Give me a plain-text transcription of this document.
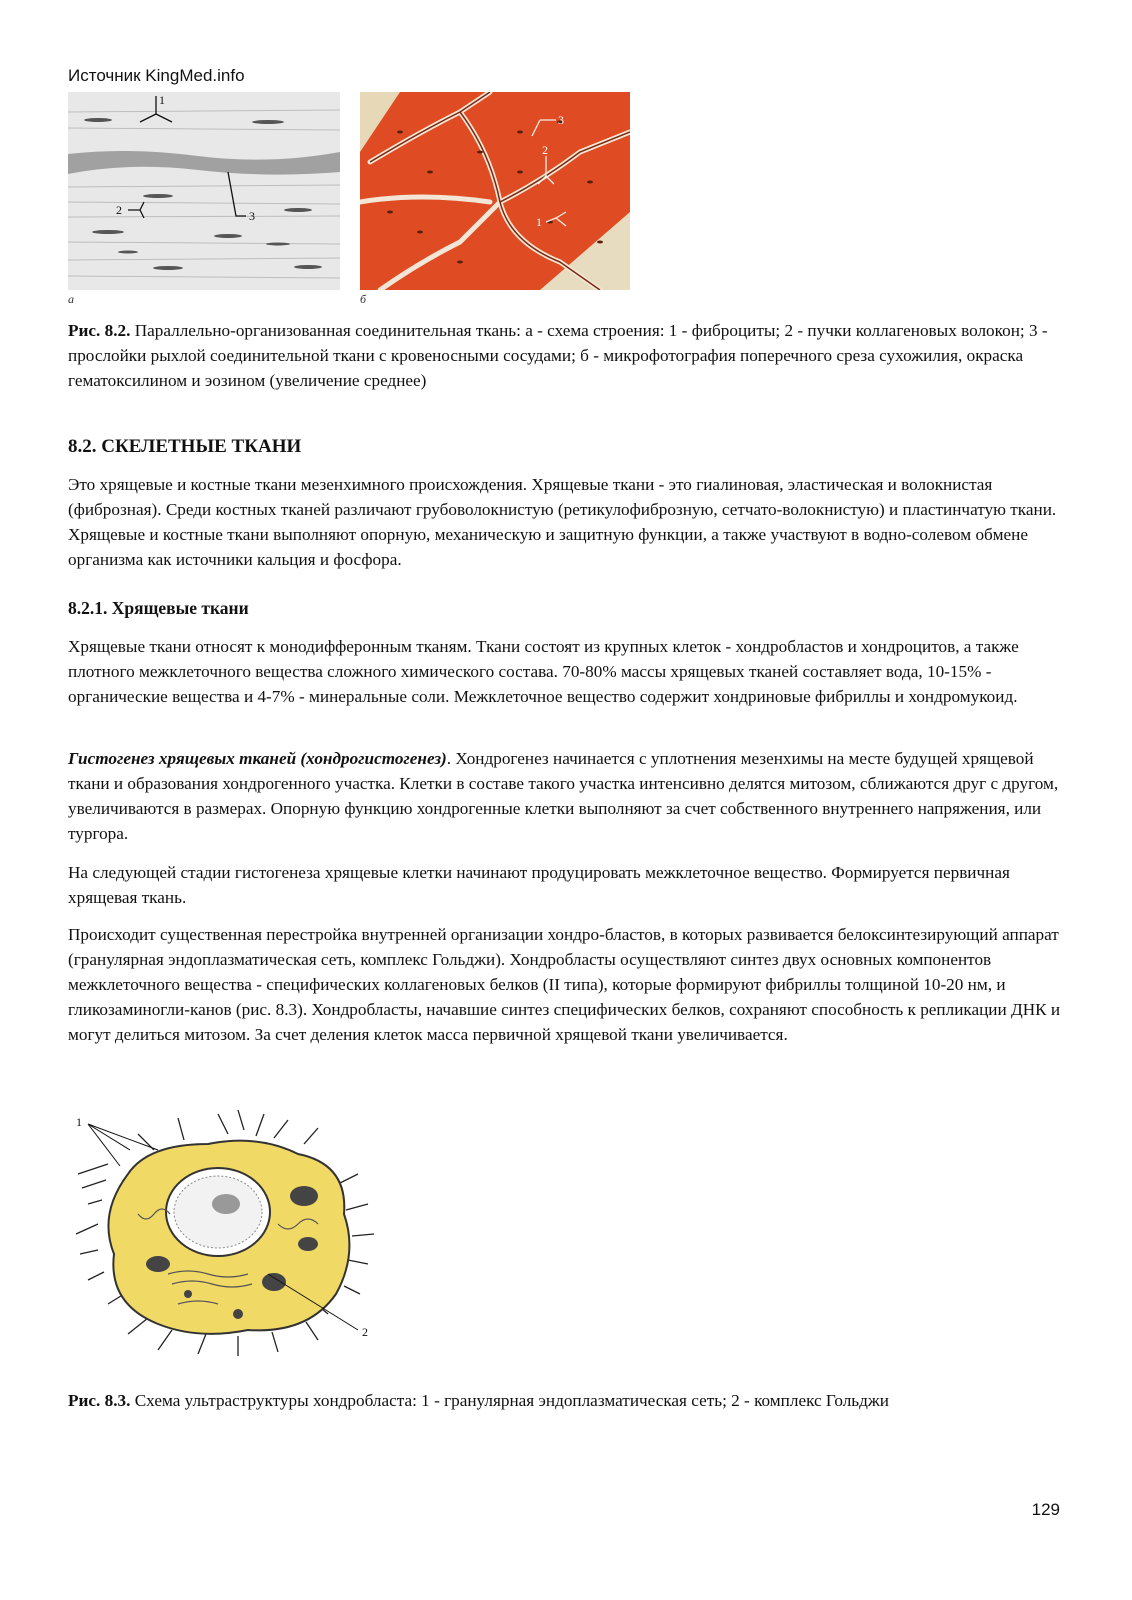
Источник KingMed.info
1
2	3
а
3
2
1
б
Рис. 8.2. Параллельно-организованная соединительная ткань: а - схема строения: 1 - фиброциты; 2 - пучки коллагеновых волокон; 3 - прослойки рыхлой соединительной ткани с кровеносными сосудами; б - микрофотография поперечного среза сухожилия, окраска гематоксилином и эозином (увеличение среднее)
8.2. СКЕЛЕТНЫЕ ТКАНИ
Это хрящевые и костные ткани мезенхимного происхождения. Хрящевые ткани - это гиалиновая, эластическая и волокнистая (фиброзная). Среди костных тканей различают грубоволокнистую (ретикулофиброзную, сетчато-волокнистую) и пластинчатую ткани. Хрящевые и костные ткани выполняют опорную, механическую и защитную функции, а также участвуют в водно-солевом обмене организма как источники кальция и фосфора.
8.2.1. Хрящевые ткани
Хрящевые ткани относят к монодифферонным тканям. Ткани состоят из крупных клеток - хондробластов и хондроцитов, а также плотного межклеточного вещества сложного химического состава. 70-80% массы хрящевых тканей составляет вода, 10-15% - органические вещества и 4-7% - минеральные соли. Межклеточное вещество содержит хондриновые фибриллы и хондромукоид.
Гистогенез хрящевых тканей (хондрогистогенез). Хондрогенез начинается с уплотнения мезенхимы на месте будущей хрящевой ткани и образования хондрогенного участка. Клетки в составе такого участка интенсивно делятся митозом, сближаются друг с другом, увеличиваются в размерах. Опорную функцию хондрогенные клетки выполняют за счет собственного внутреннего напряжения, или тургора.
На следующей стадии гистогенеза хрящевые клетки начинают продуцировать межклеточное вещество. Формируется первичная хрящевая ткань.
Происходит существенная перестройка внутренней организации хондро-бластов, в которых развивается белоксинтезирующий аппарат (гранулярная эндоплазматическая сеть, комплекс Гольджи). Хондробласты осуществляют синтез двух основных компонентов межклеточного вещества - специфических коллагеновых белков (II типа), которые формируют фибриллы толщиной 10-20 нм, и гликозаминогли-канов (рис. 8.3). Хондробласты, начавшие синтез специфических белков, сохраняют способность к репликации ДНК и могут делиться митозом. За счет деления клеток масса первичной хрящевой ткани увеличивается.
1
2
Рис. 8.3. Схема ультраструктуры хондробласта: 1 - гранулярная эндоплазматическая сеть; 2 - комплекс Гольджи
129
